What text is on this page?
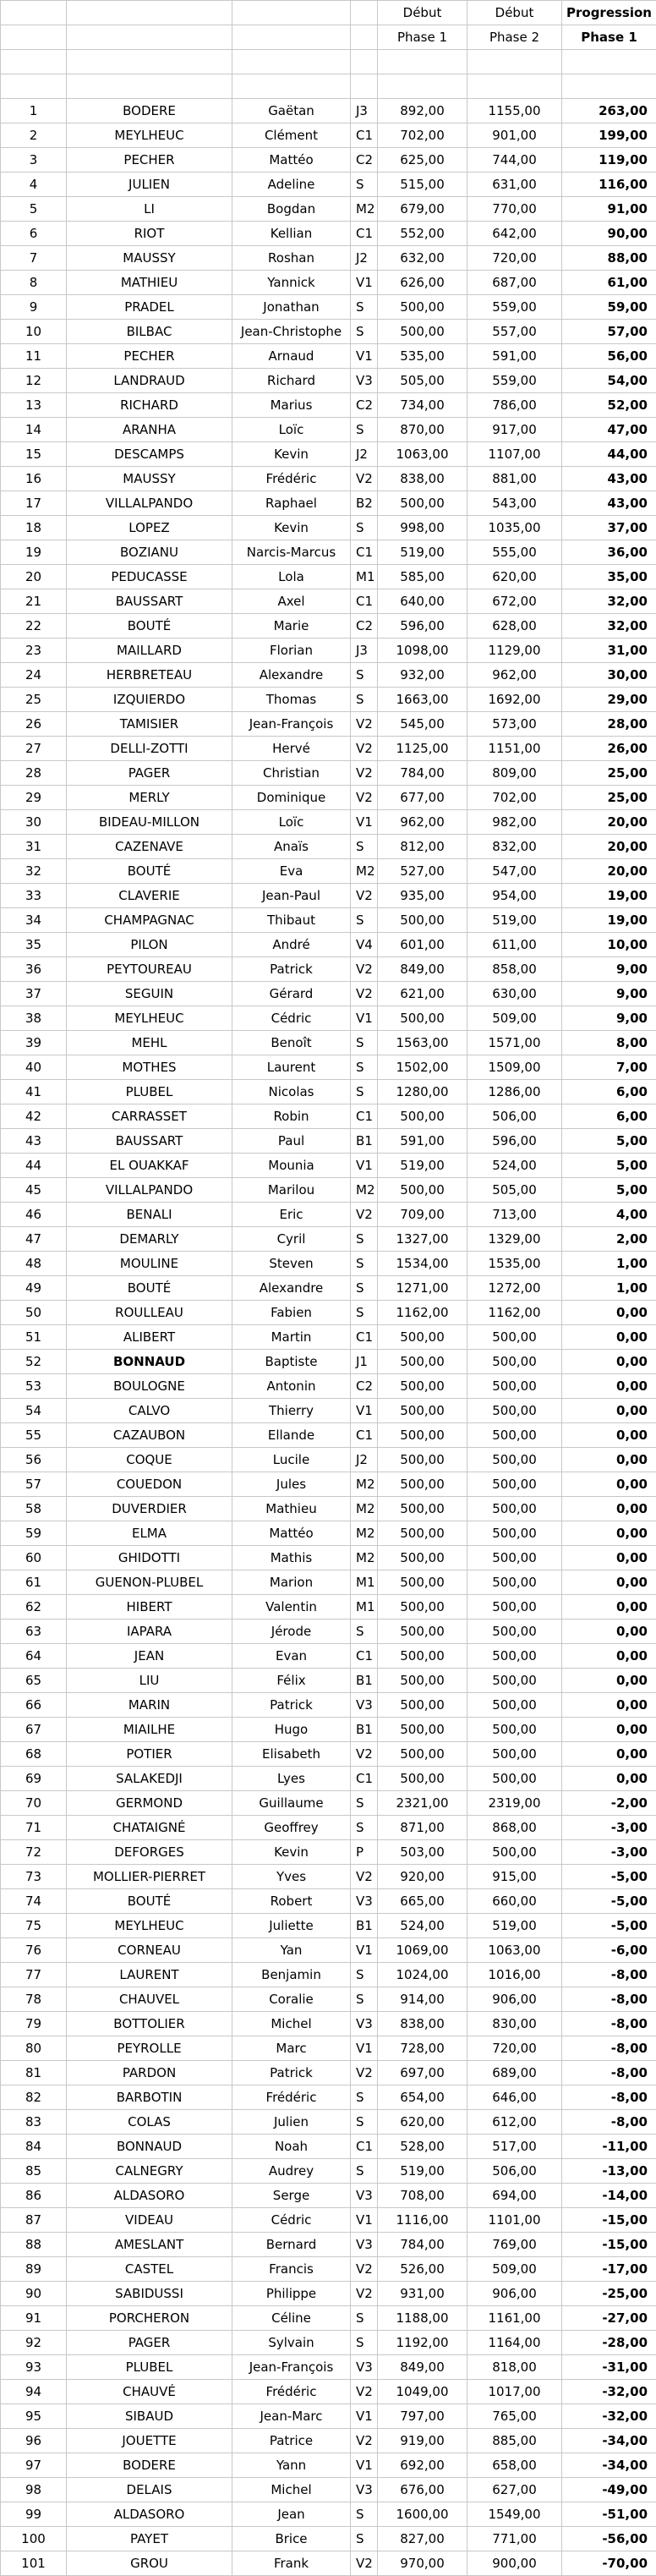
				Début	Début	Progression
				Phase 1	Phase 2	Phase 1

1	BODERE	Gaëtan	J3	892,00	1155,00	263,00
2	MEYLHEUC	Clément	C1	702,00	901,00	199,00
3	PECHER	Mattéo	C2	625,00	744,00	119,00
4	JULIEN	Adeline	S	515,00	631,00	116,00
5	LI	Bogdan	M2	679,00	770,00	91,00
6	RIOT	Kellian	C1	552,00	642,00	90,00
7	MAUSSY	Roshan	J2	632,00	720,00	88,00
8	MATHIEU	Yannick	V1	626,00	687,00	61,00
9	PRADEL	Jonathan	S	500,00	559,00	59,00
10	BILBAC	Jean-Christophe	S	500,00	557,00	57,00
11	PECHER	Arnaud	V1	535,00	591,00	56,00
12	LANDRAUD	Richard	V3	505,00	559,00	54,00
13	RICHARD	Marius	C2	734,00	786,00	52,00
14	ARANHA	Loïc	S	870,00	917,00	47,00
15	DESCAMPS	Kevin	J2	1063,00	1107,00	44,00
16	MAUSSY	Frédéric	V2	838,00	881,00	43,00
17	VILLALPANDO	Raphael	B2	500,00	543,00	43,00
18	LOPEZ	Kevin	S	998,00	1035,00	37,00
19	BOZIANU	Narcis-Marcus	C1	519,00	555,00	36,00
20	PEDUCASSE	Lola	M1	585,00	620,00	35,00
21	BAUSSART	Axel	C1	640,00	672,00	32,00
22	BOUTÉ	Marie	C2	596,00	628,00	32,00
23	MAILLARD	Florian	J3	1098,00	1129,00	31,00
24	HERBRETEAU	Alexandre	S	932,00	962,00	30,00
25	IZQUIERDO	Thomas	S	1663,00	1692,00	29,00
26	TAMISIER	Jean-François	V2	545,00	573,00	28,00
27	DELLI-ZOTTI	Hervé	V2	1125,00	1151,00	26,00
28	PAGER	Christian	V2	784,00	809,00	25,00
29	MERLY	Dominique	V2	677,00	702,00	25,00
30	BIDEAU-MILLON	Loïc	V1	962,00	982,00	20,00
31	CAZENAVE	Anaïs	S	812,00	832,00	20,00
32	BOUTÉ	Eva	M2	527,00	547,00	20,00
33	CLAVERIE	Jean-Paul	V2	935,00	954,00	19,00
34	CHAMPAGNAC	Thibaut	S	500,00	519,00	19,00
35	PILON	André	V4	601,00	611,00	10,00
36	PEYTOUREAU	Patrick	V2	849,00	858,00	9,00
37	SEGUIN	Gérard	V2	621,00	630,00	9,00
38	MEYLHEUC	Cédric	V1	500,00	509,00	9,00
39	MEHL	Benoît	S	1563,00	1571,00	8,00
40	MOTHES	Laurent	S	1502,00	1509,00	7,00
41	PLUBEL	Nicolas	S	1280,00	1286,00	6,00
42	CARRASSET	Robin	C1	500,00	506,00	6,00
43	BAUSSART	Paul	B1	591,00	596,00	5,00
44	EL OUAKKAF	Mounia	V1	519,00	524,00	5,00
45	VILLALPANDO	Marilou	M2	500,00	505,00	5,00
46	BENALI	Eric	V2	709,00	713,00	4,00
47	DEMARLY	Cyril	S	1327,00	1329,00	2,00
48	MOULINE	Steven	S	1534,00	1535,00	1,00
49	BOUTÉ	Alexandre	S	1271,00	1272,00	1,00
50	ROULLEAU	Fabien	S	1162,00	1162,00	0,00
51	ALIBERT	Martin	C1	500,00	500,00	0,00
52	BONNAUD	Baptiste	J1	500,00	500,00	0,00
53	BOULOGNE	Antonin	C2	500,00	500,00	0,00
54	CALVO	Thierry	V1	500,00	500,00	0,00
55	CAZAUBON	Ellande	C1	500,00	500,00	0,00
56	COQUE	Lucile	J2	500,00	500,00	0,00
57	COUEDON	Jules	M2	500,00	500,00	0,00
58	DUVERDIER	Mathieu	M2	500,00	500,00	0,00
59	ELMA	Mattéo	M2	500,00	500,00	0,00
60	GHIDOTTI	Mathis	M2	500,00	500,00	0,00
61	GUENON-PLUBEL	Marion	M1	500,00	500,00	0,00
62	HIBERT	Valentin	M1	500,00	500,00	0,00
63	IAPARA	Jérode	S	500,00	500,00	0,00
64	JEAN	Evan	C1	500,00	500,00	0,00
65	LIU	Félix	B1	500,00	500,00	0,00
66	MARIN	Patrick	V3	500,00	500,00	0,00
67	MIAILHE	Hugo	B1	500,00	500,00	0,00
68	POTIER	Elisabeth	V2	500,00	500,00	0,00
69	SALAKEDJI	Lyes	C1	500,00	500,00	0,00
70	GERMOND	Guillaume	S	2321,00	2319,00	-2,00
71	CHATAIGNÉ	Geoffrey	S	871,00	868,00	-3,00
72	DEFORGES	Kevin	P	503,00	500,00	-3,00
73	MOLLIER-PIERRET	Yves	V2	920,00	915,00	-5,00
74	BOUTÉ	Robert	V3	665,00	660,00	-5,00
75	MEYLHEUC	Juliette	B1	524,00	519,00	-5,00
76	CORNEAU	Yan	V1	1069,00	1063,00	-6,00
77	LAURENT	Benjamin	S	1024,00	1016,00	-8,00
78	CHAUVEL	Coralie	S	914,00	906,00	-8,00
79	BOTTOLIER	Michel	V3	838,00	830,00	-8,00
80	PEYROLLE	Marc	V1	728,00	720,00	-8,00
81	PARDON	Patrick	V2	697,00	689,00	-8,00
82	BARBOTIN	Frédéric	S	654,00	646,00	-8,00
83	COLAS	Julien	S	620,00	612,00	-8,00
84	BONNAUD	Noah	C1	528,00	517,00	-11,00
85	CALNEGRY	Audrey	S	519,00	506,00	-13,00
86	ALDASORO	Serge	V3	708,00	694,00	-14,00
87	VIDEAU	Cédric	V1	1116,00	1101,00	-15,00
88	AMESLANT	Bernard	V3	784,00	769,00	-15,00
89	CASTEL	Francis	V2	526,00	509,00	-17,00
90	SABIDUSSI	Philippe	V2	931,00	906,00	-25,00
91	PORCHERON	Céline	S	1188,00	1161,00	-27,00
92	PAGER	Sylvain	S	1192,00	1164,00	-28,00
93	PLUBEL	Jean-François	V3	849,00	818,00	-31,00
94	CHAUVÉ	Frédéric	V2	1049,00	1017,00	-32,00
95	SIBAUD	Jean-Marc	V1	797,00	765,00	-32,00
96	JOUETTE	Patrice	V2	919,00	885,00	-34,00
97	BODERE	Yann	V1	692,00	658,00	-34,00
98	DELAIS	Michel	V3	676,00	627,00	-49,00
99	ALDASORO	Jean	S	1600,00	1549,00	-51,00
100	PAYET	Brice	S	827,00	771,00	-56,00
101	GROU	Frank	V2	970,00	900,00	-70,00
